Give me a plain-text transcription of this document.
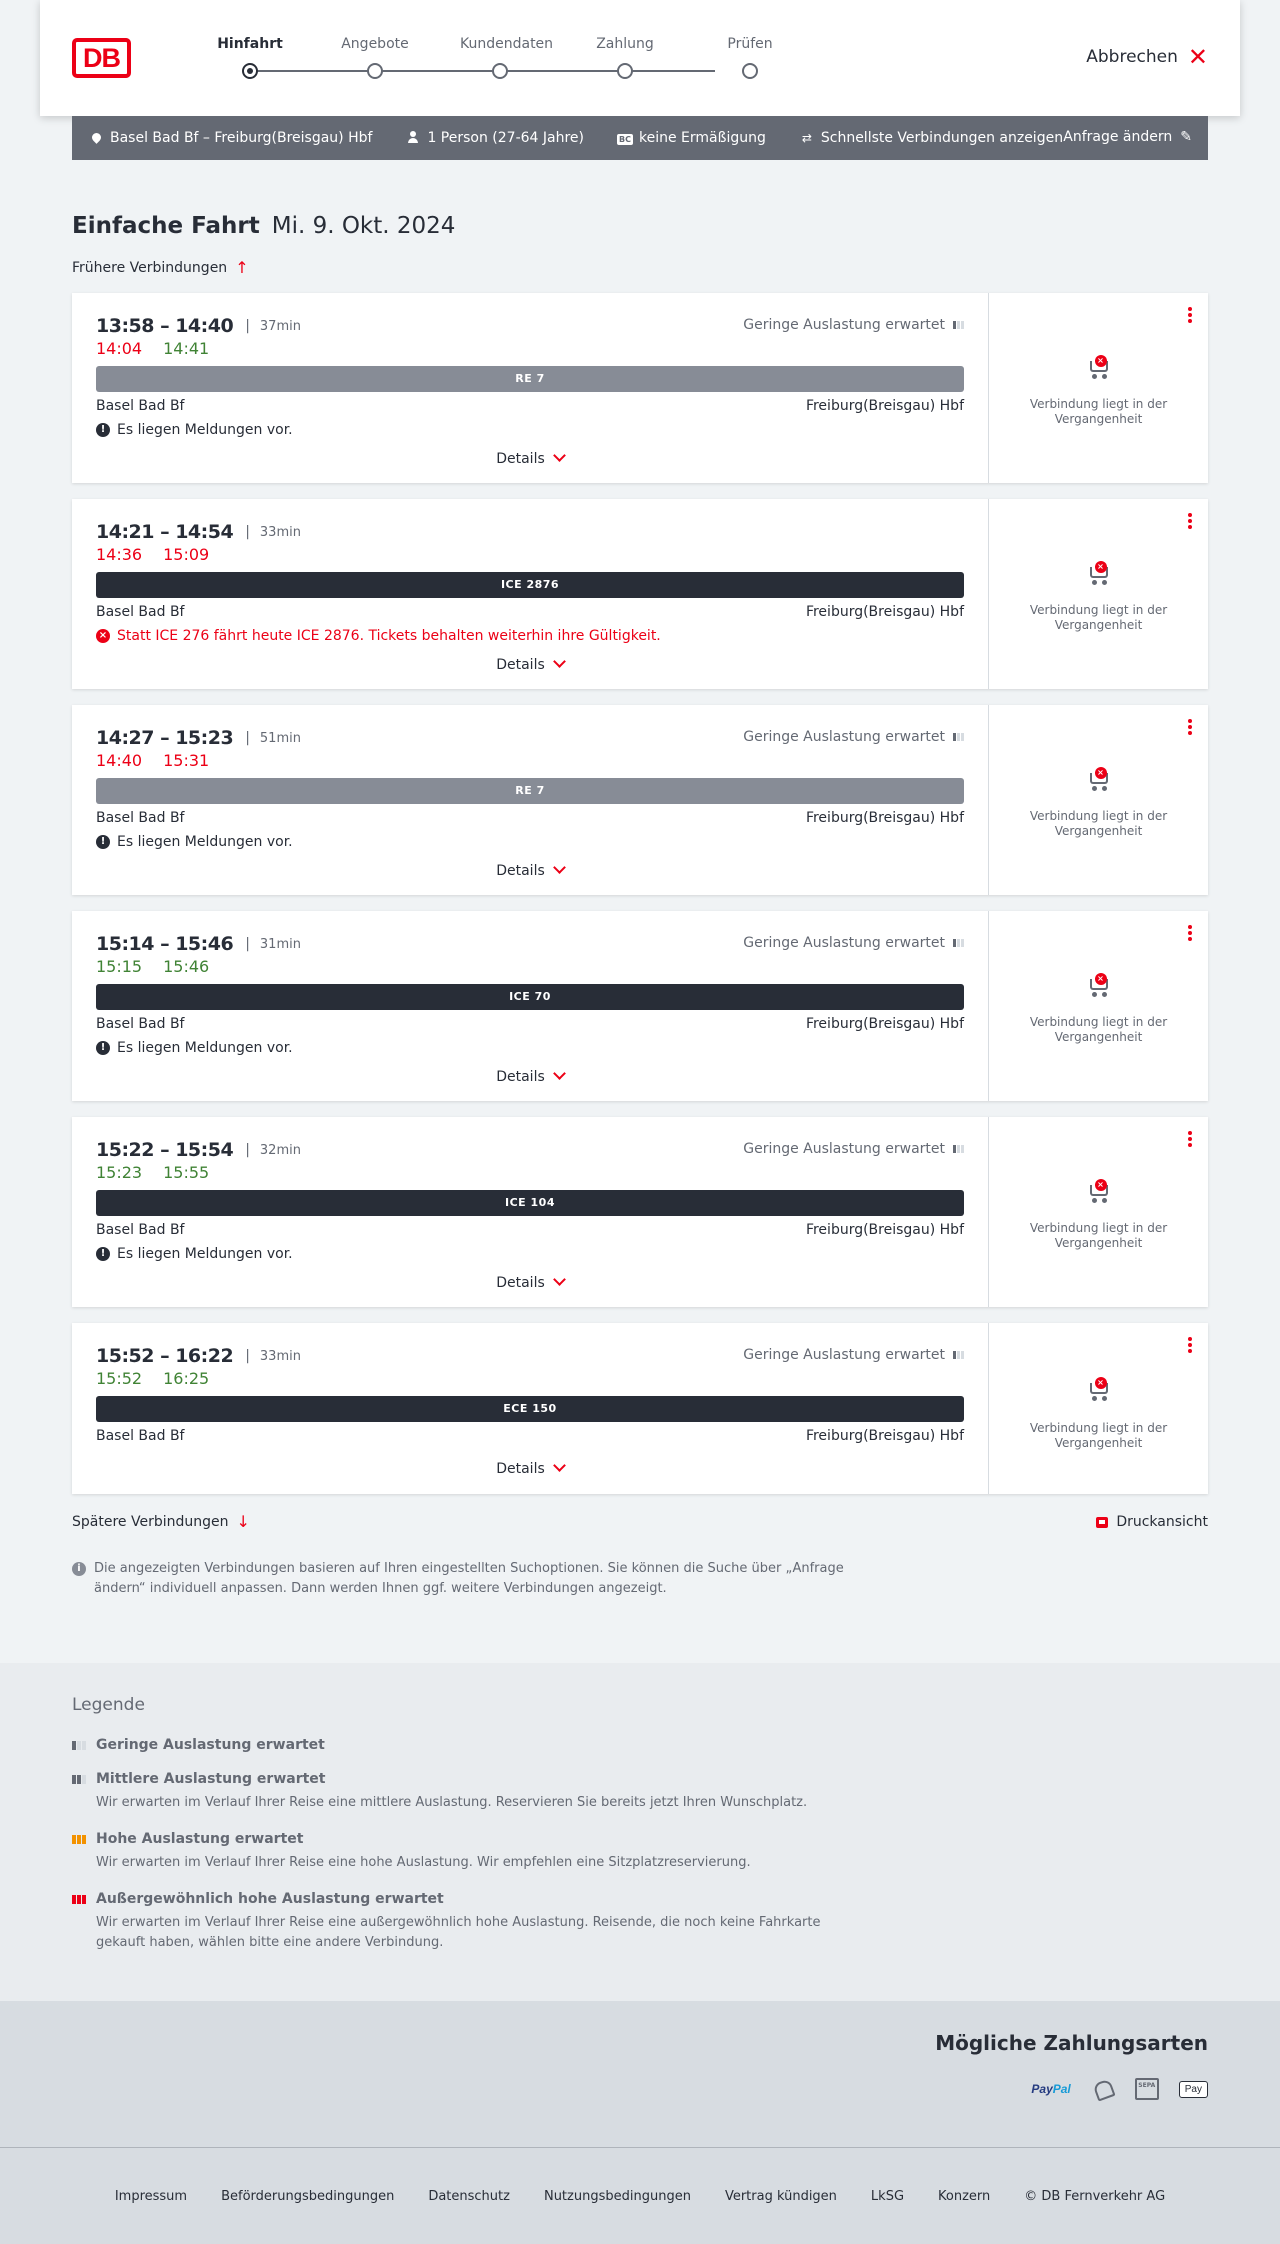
DB	Hinfahrt	Angebote	Kundendaten	Zahlung	Prüfen
Abbrechen ✕
Basel Bad Bf – Freiburg(Breisgau) Hbf	1 Person (27-64 Jahre)	BC keine Ermäßigung	⇄ Schnellste Verbindungen anzeigen Anfrage ändern ✎
Einfache Fahrt Mi. 9. Okt. 2024
Frühere Verbindungen ↑
13:58 – 14:40 | 37min
14:04 14:41
Geringe Auslastung erwartet
RE 7
Basel Bad Bf	Freiburg(Breisgau) Hbf
! Es liegen Meldungen vor.
Details
×
Verbindung liegt in der Vergangenheit
14:21 – 14:54 | 33min
14:36 15:09
ICE 2876
Basel Bad Bf	Freiburg(Breisgau) Hbf
× Statt ICE 276 fährt heute ICE 2876. Tickets behalten weiterhin ihre Gültigkeit.
Details
×
Verbindung liegt in der Vergangenheit
14:27 – 15:23 | 51min
14:40 15:31
Geringe Auslastung erwartet
RE 7
Basel Bad Bf	Freiburg(Breisgau) Hbf
! Es liegen Meldungen vor.
Details
×
Verbindung liegt in der Vergangenheit
15:14 – 15:46 | 31min
15:15 15:46
Geringe Auslastung erwartet
ICE 70
Basel Bad Bf	Freiburg(Breisgau) Hbf
! Es liegen Meldungen vor.
Details
×
Verbindung liegt in der Vergangenheit
15:22 – 15:54 | 32min
15:23 15:55
Geringe Auslastung erwartet
ICE 104
Basel Bad Bf	Freiburg(Breisgau) Hbf
! Es liegen Meldungen vor.
Details
×
Verbindung liegt in der Vergangenheit
15:52 – 16:22 | 33min
15:52 16:25
Geringe Auslastung erwartet
ECE 150
Basel Bad Bf	Freiburg(Breisgau) Hbf
Details
×
Verbindung liegt in der Vergangenheit
Spätere Verbindungen ↓	Druckansicht
i	Die angezeigten Verbindungen basieren auf Ihren eingestellten Suchoptionen. Sie können die Suche über „Anfrage ändern“ individuell anpassen. Dann werden Ihnen ggf. weitere Verbindungen angezeigt.
Legende
Geringe Auslastung erwartet
Mittlere Auslastung erwartet
Wir erwarten im Verlauf Ihrer Reise eine mittlere Auslastung. Reservieren Sie bereits jetzt Ihren Wunschplatz.
Hohe Auslastung erwartet
Wir erwarten im Verlauf Ihrer Reise eine hohe Auslastung. Wir empfehlen eine Sitzplatzreservierung.
Außergewöhnlich hohe Auslastung erwartet
Wir erwarten im Verlauf Ihrer Reise eine außergewöhnlich hohe Auslastung. Reisende, die noch keine Fahrkarte gekauft haben, wählen bitte eine andere Verbindung.
Mögliche Zahlungsarten
PayPal	SEPA	Pay
Impressum	Beförderungsbedingungen	Datenschutz	Nutzungsbedingungen	Vertrag kündigen	LkSG	Konzern	© DB Fernverkehr AG
